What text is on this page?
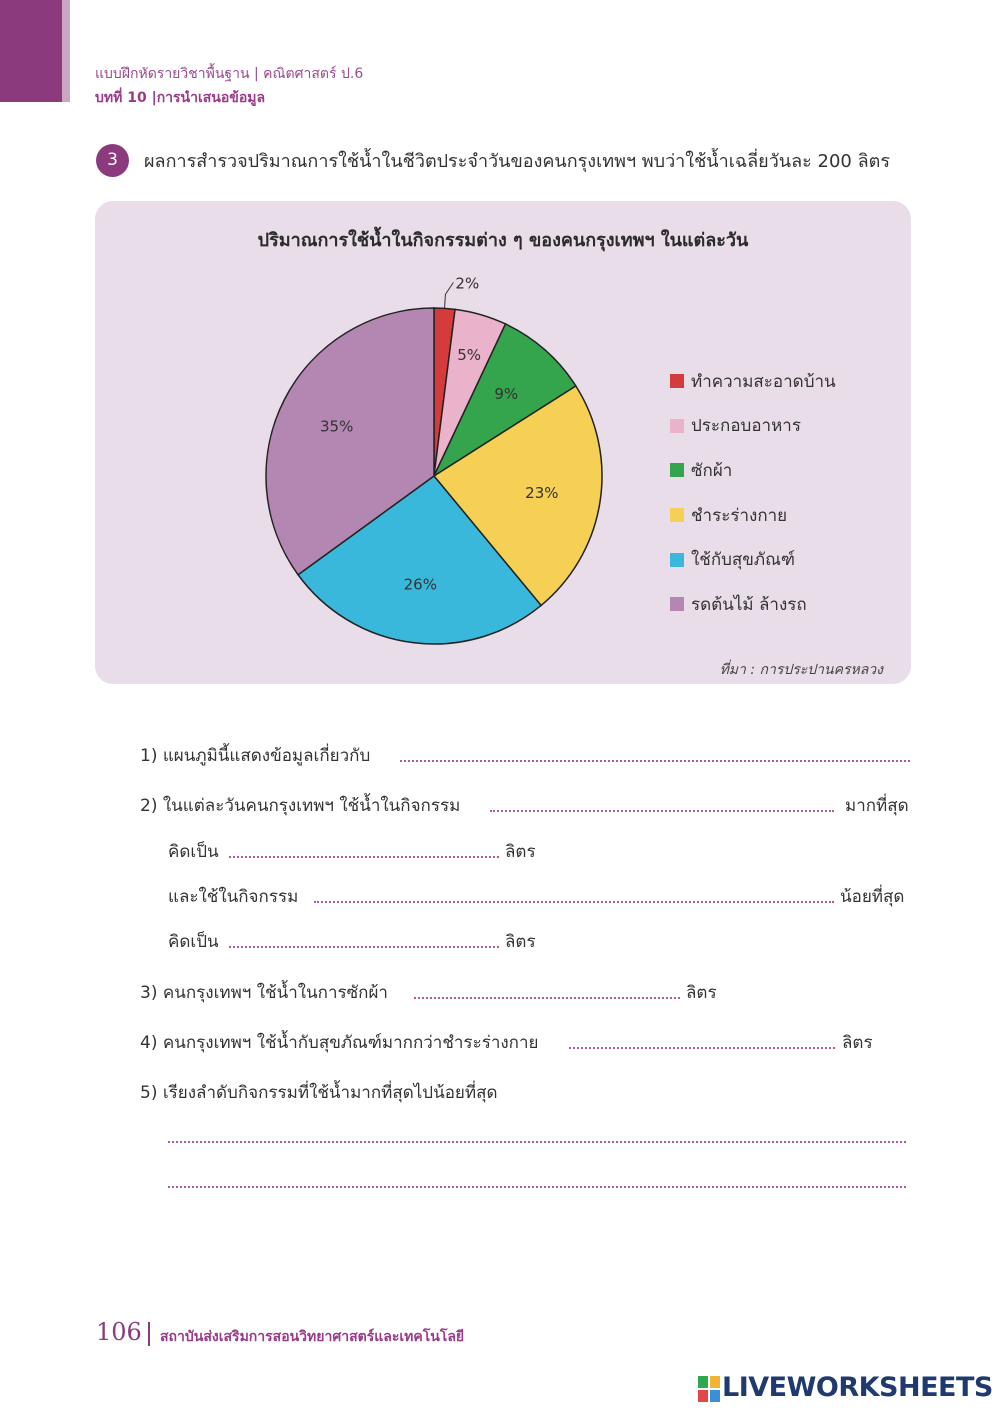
แบบฝึกหัดรายวิชาพื้นฐาน | คณิตศาสตร์ ป.6
บทที่ 10 |การนำเสนอข้อมูล
3	ผลการสำรวจปริมาณการใช้น้ำในชีวิตประจำวันของคนกรุงเทพฯ พบว่าใช้น้ำเฉลี่ยวันละ 200 ลิตร
ปริมาณการใช้น้ำในกิจกรรมต่าง ๆ ของคนกรุงเทพฯ ในแต่ละวัน
2%
5%
9%
23%
26%
35%
ทำความสะอาดบ้าน
ประกอบอาหาร
ซักผ้า
ชำระร่างกาย
ใช้กับสุขภัณฑ์
รดต้นไม้ ล้างรถ
ที่มา : การประปานครหลวง
1) แผนภูมินี้แสดงข้อมูลเกี่ยวกับ
2) ในแต่ละวันคนกรุงเทพฯ ใช้น้ำในกิจกรรม	มากที่สุด
คิดเป็น	ลิตร
และใช้ในกิจกรรม	น้อยที่สุด
คิดเป็น	ลิตร
3) คนกรุงเทพฯ ใช้น้ำในการซักผ้า	ลิตร
4) คนกรุงเทพฯ ใช้น้ำกับสุขภัณฑ์มากกว่าชำระร่างกาย	ลิตร
5) เรียงลำดับกิจกรรมที่ใช้น้ำมากที่สุดไปน้อยที่สุด
106 สถาบันส่งเสริมการสอนวิทยาศาสตร์และเทคโนโลยี
LIVEWORKSHEETS
